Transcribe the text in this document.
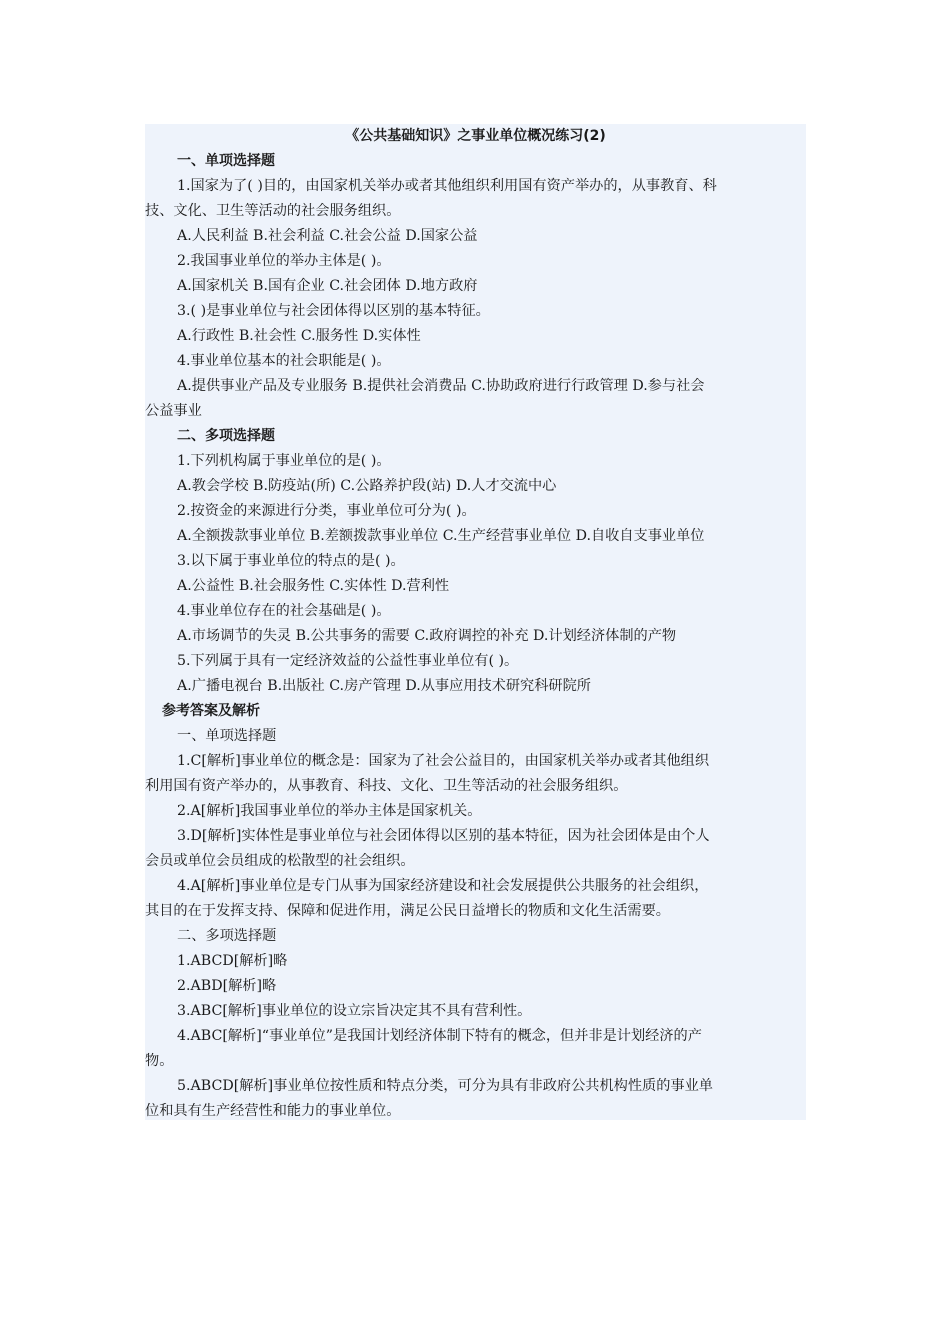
《公共基础知识》之事业单位概况练习(2)
一、单项选择题
1.国家为了( )目的，由国家机关举办或者其他组织利用国有资产举办的，从事教育、科
技、文化、卫生等活动的社会服务组织。
A.人民利益 B.社会利益 C.社会公益 D.国家公益
2.我国事业单位的举办主体是( )。
A.国家机关 B.国有企业 C.社会团体 D.地方政府
3.( )是事业单位与社会团体得以区别的基本特征。
A.行政性 B.社会性 C.服务性 D.实体性
4.事业单位基本的社会职能是( )。
A.提供事业产品及专业服务 B.提供社会消费品 C.协助政府进行行政管理 D.参与社会
公益事业
二、多项选择题
1.下列机构属于事业单位的是( )。
A.教会学校 B.防疫站(所) C.公路养护段(站) D.人才交流中心
2.按资金的来源进行分类，事业单位可分为( )。
A.全额拨款事业单位 B.差额拨款事业单位 C.生产经营事业单位 D.自收自支事业单位
3.以下属于事业单位的特点的是( )。
A.公益性 B.社会服务性 C.实体性 D.营利性
4.事业单位存在的社会基础是( )。
A.市场调节的失灵 B.公共事务的需要 C.政府调控的补充 D.计划经济体制的产物
5.下列属于具有一定经济效益的公益性事业单位有( )。
A.广播电视台 B.出版社 C.房产管理 D.从事应用技术研究科研院所
参考答案及解析
一、单项选择题
1.C[解析]事业单位的概念是：国家为了社会公益目的，由国家机关举办或者其他组织
利用国有资产举办的，从事教育、科技、文化、卫生等活动的社会服务组织。
2.A[解析]我国事业单位的举办主体是国家机关。
3.D[解析]实体性是事业单位与社会团体得以区别的基本特征，因为社会团体是由个人
会员或单位会员组成的松散型的社会组织。
4.A[解析]事业单位是专门从事为国家经济建设和社会发展提供公共服务的社会组织，
其目的在于发挥支持、保障和促进作用，满足公民日益增长的物质和文化生活需要。
二、多项选择题
1.ABCD[解析]略
2.ABD[解析]略
3.ABC[解析]事业单位的设立宗旨决定其不具有营利性。
4.ABC[解析]“事业单位”是我国计划经济体制下特有的概念，但并非是计划经济的产
物。
5.ABCD[解析]事业单位按性质和特点分类，可分为具有非政府公共机构性质的事业单
位和具有生产经营性和能力的事业单位。
